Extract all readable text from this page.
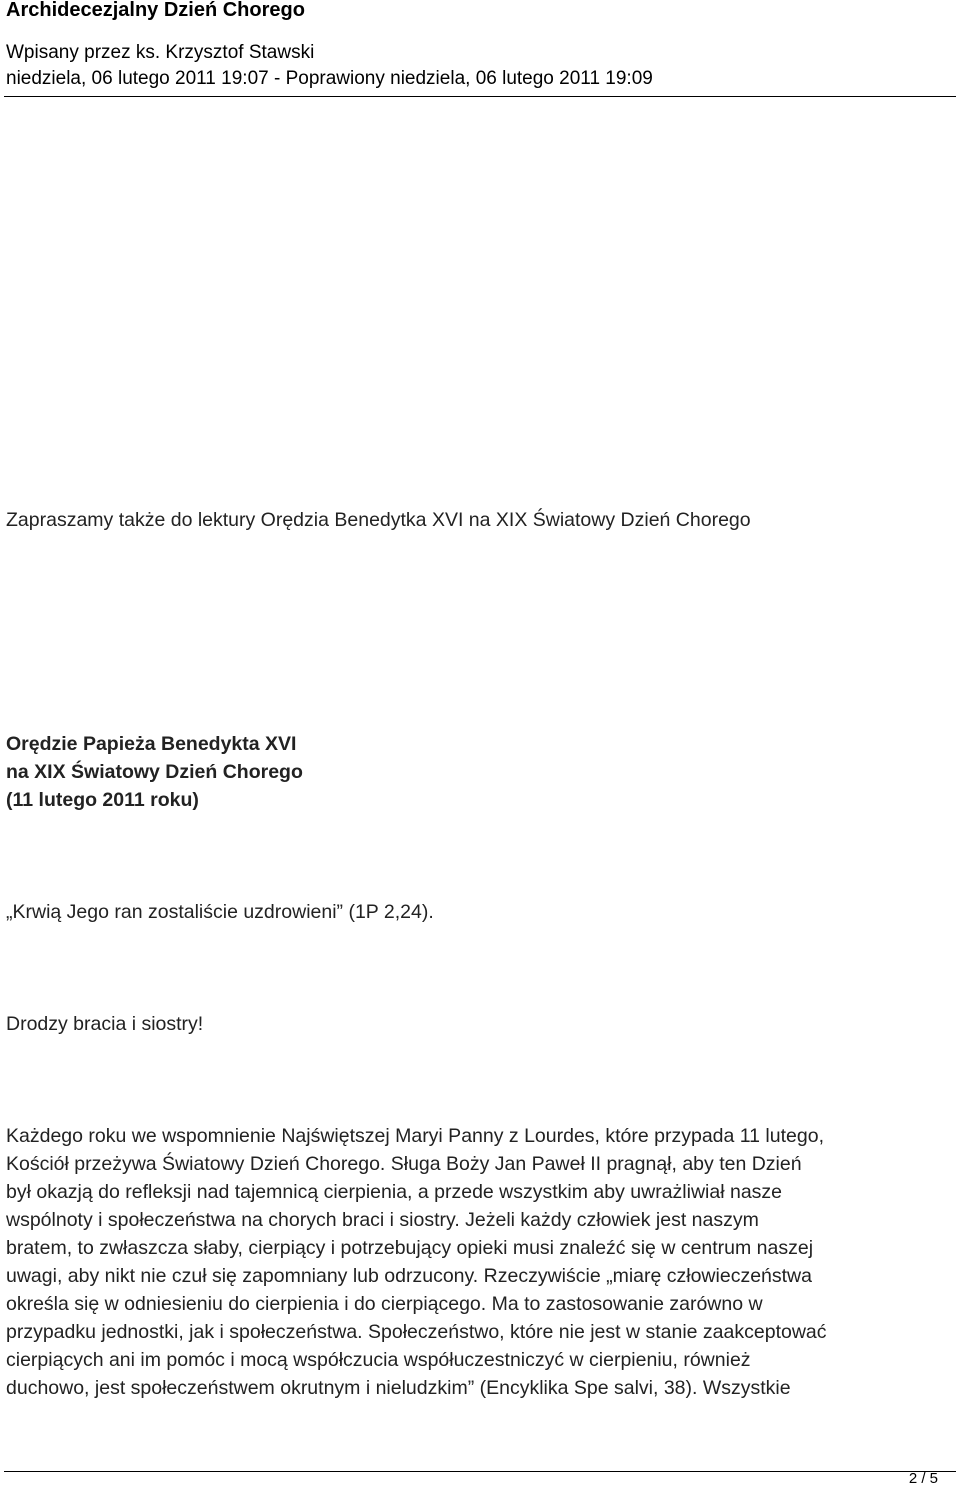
Archidecezjalny Dzień Chorego
Wpisany przez ks. Krzysztof Stawski
niedziela, 06 lutego 2011 19:07 - Poprawiony niedziela, 06 lutego 2011 19:09
Zapraszamy także do lektury Orędzia Benedytka XVI na XIX Światowy Dzień Chorego
Orędzie Papieża Benedykta XVI
na XIX Światowy Dzień Chorego
(11 lutego 2011 roku)
„Krwią Jego ran zostaliście uzdrowieni” (1P 2,24).
Drodzy bracia i siostry!
Każdego roku we wspomnienie Najświętszej Maryi Panny z Lourdes, które przypada 11 lutego,
Kościół przeżywa Światowy Dzień Chorego. Sługa Boży Jan Paweł II pragnął, aby ten Dzień
był okazją do refleksji nad tajemnicą cierpienia, a przede wszystkim aby uwrażliwiał nasze
wspólnoty i społeczeństwa na chorych braci i siostry. Jeżeli każdy człowiek jest naszym
bratem, to zwłaszcza słaby, cierpiący i potrzebujący opieki musi znaleźć się w centrum naszej
uwagi, aby nikt nie czuł się zapomniany lub odrzucony. Rzeczywiście „miarę człowieczeństwa
określa się w odniesieniu do cierpienia i do cierpiącego. Ma to zastosowanie zarówno w
przypadku jednostki, jak i społeczeństwa. Społeczeństwo, które nie jest w stanie zaakceptować
cierpiących ani im pomóc i mocą współczucia współuczestniczyć w cierpieniu, również
duchowo, jest społeczeństwem okrutnym i nieludzkim” (Encyklika Spe salvi, 38). Wszystkie
2 / 5
